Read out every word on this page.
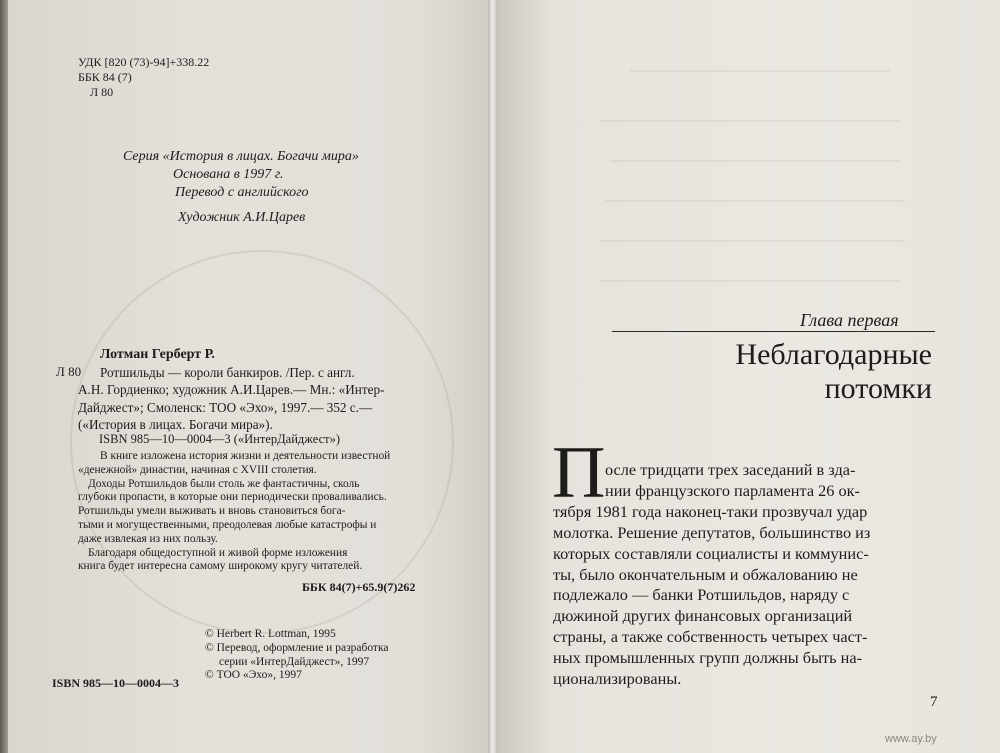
УДК [820 (73)-94]+338.22
ББК 84 (7)
Л 80
Серия «История в лицах. Богачи мира»
Основана в 1997 г.
Перевод с английского
Художник А.И.Царев
Л 80
Лотман Герберт Р.
Ротшильды — короли банкиров. /Пер. с англ.
А.Н. Гордиенко; художник А.И.Царев.— Мн.: «Интер-
Дайджест»; Смоленск: ТОО «Эхо», 1997.— 352 с.—
(«История в лицах. Богачи мира»).
ISBN 985—10—0004—3 («ИнтерДайджест»)
В книге изложена история жизни и деятельности известной
«денежной» династии, начиная с XVIII столетия.
Доходы Ротшильдов были столь же фантастичны, сколь
глубоки пропасти, в которые они периодически проваливались.
Ротшильды умели выживать и вновь становиться бога-
тыми и могущественными, преодолевая любые катастрофы и
даже извлекая из них пользу.
Благодаря общедоступной и живой форме изложения
книга будет интересна самому широкому кругу читателей.
ББК 84(7)+65.9(7)262
© Herbert R. Lottman, 1995
© Перевод, оформление и разработка
серии «ИнтерДайджест», 1997
© ТОО «Эхо», 1997
ISBN 985—10—0004—3
Глава первая
Неблагодарные
потомки
П осле тридцати трех заседаний в зда-
нии французского парламента 26 ок-
тября 1981 года наконец-таки прозвучал удар
молотка. Решение депутатов, большинство из
которых составляли социалисты и коммунис-
ты, было окончательным и обжалованию не
подлежало — банки Ротшильдов, наряду с
дюжиной других финансовых организаций
страны, а также собственность четырех част-
ных промышленных групп должны быть на-
ционализированы.
7
www.ay.by
